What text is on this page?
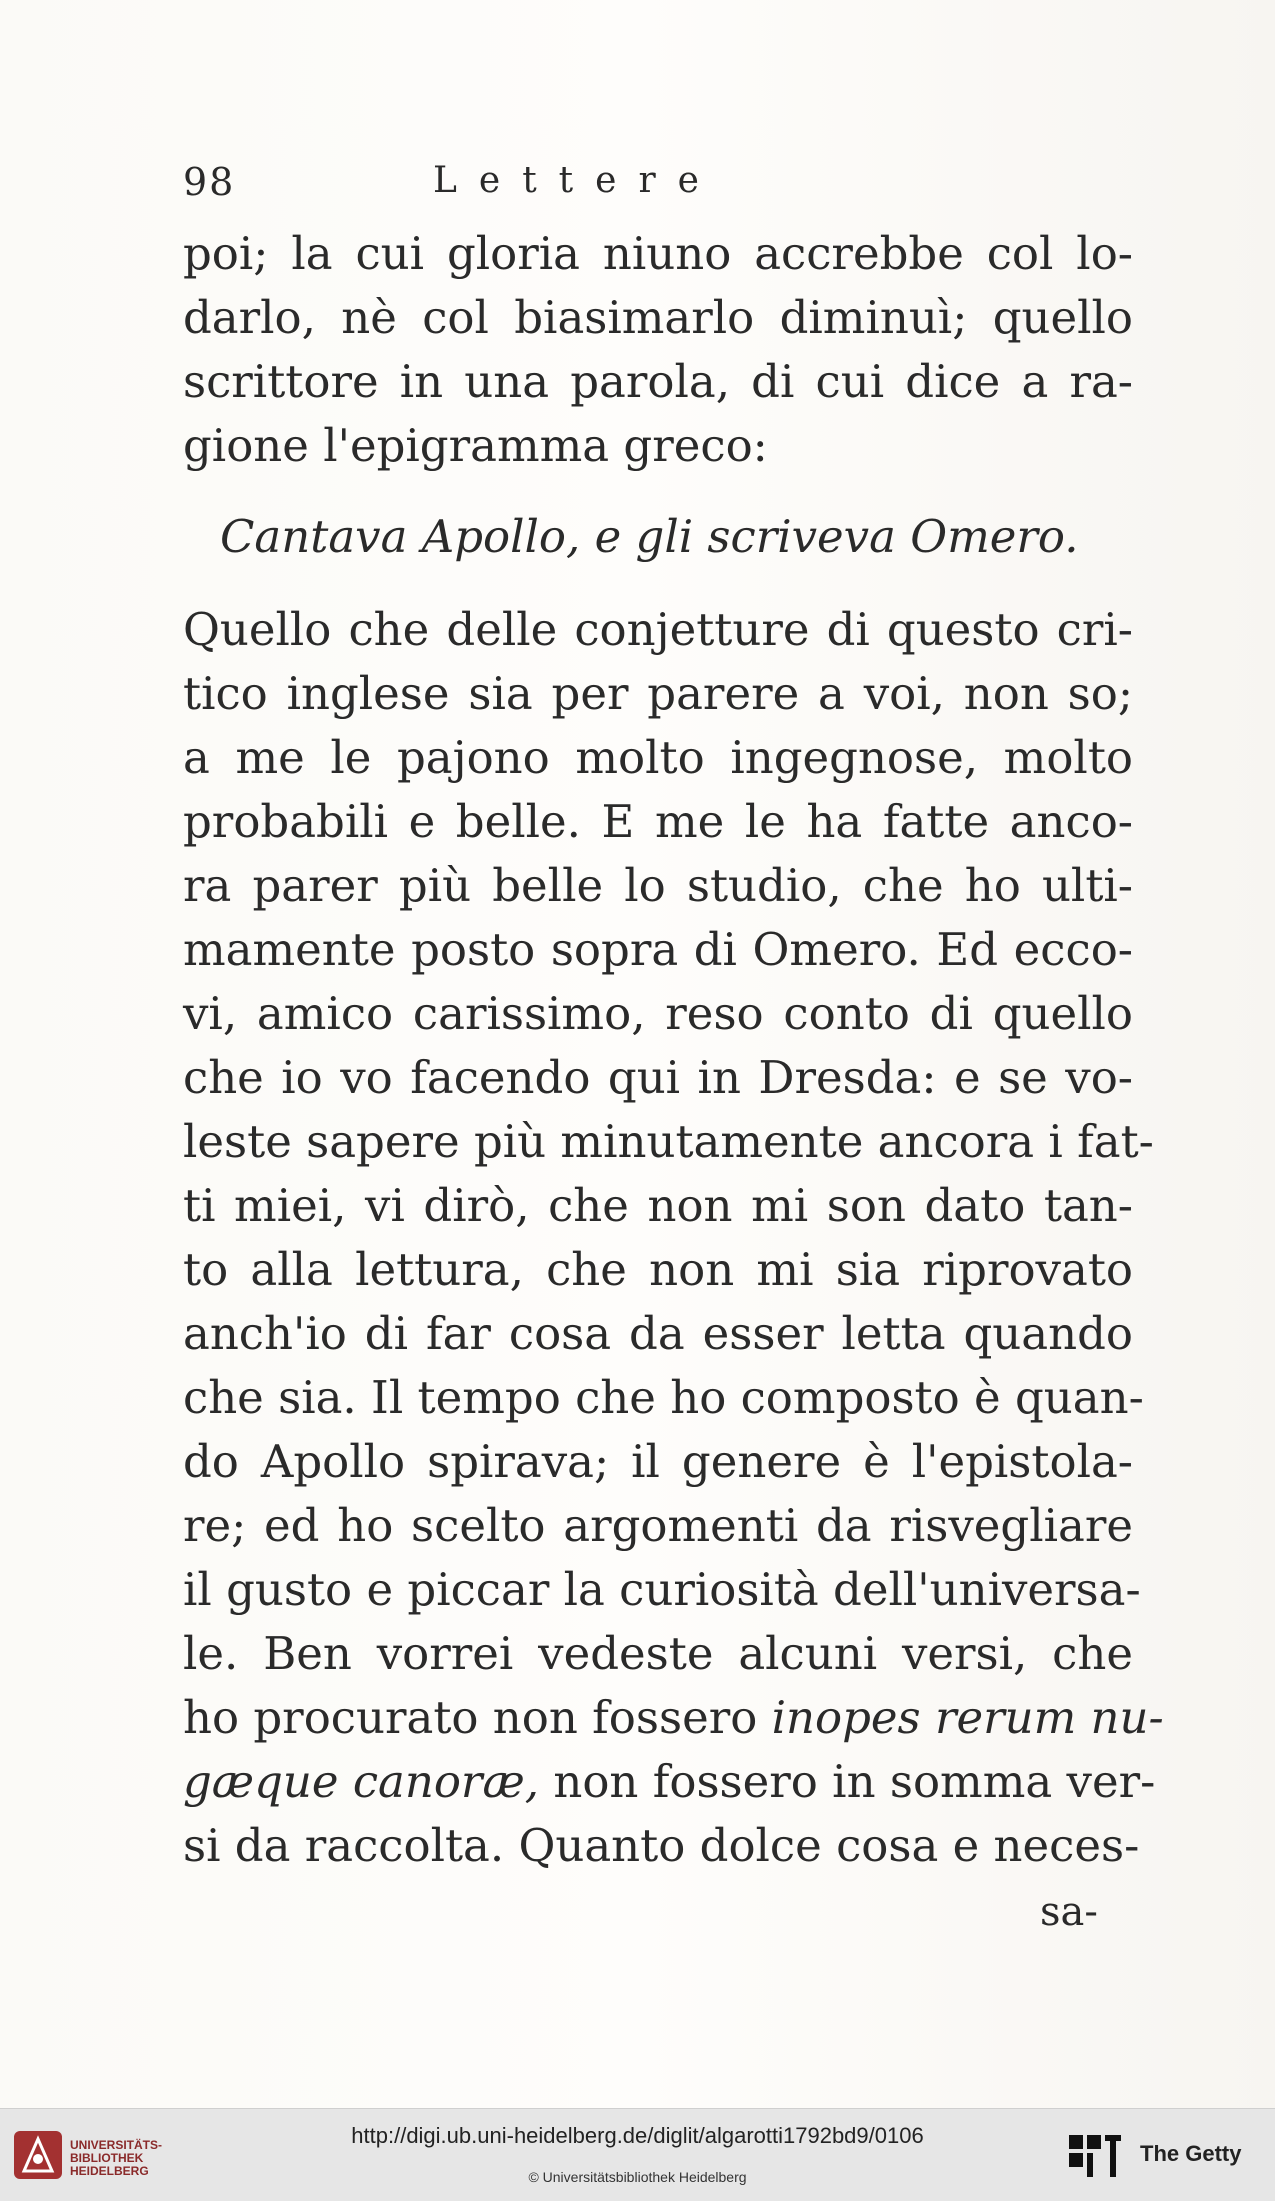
98	Lettere
poi; la cui gloria niuno accrebbe col lo-
darlo, nè col biasimarlo diminuì; quello
scrittore in una parola, di cui dice a ra-
gione l'epigramma greco:
Cantava Apollo, e gli scriveva Omero.
Quello che delle conjetture di questo cri-
tico inglese sia per parere a voi, non so;
a me le pajono molto ingegnose, molto
probabili e belle. E me le ha fatte anco-
ra parer più belle lo studio, che ho ulti-
mamente posto sopra di Omero. Ed ecco-
vi, amico carissimo, reso conto di quello
che io vo facendo qui in Dresda: e se vo-
leste sapere più minutamente ancora i fat-
ti miei, vi dirò, che non mi son dato tan-
to alla lettura, che non mi sia riprovato
anch'io di far cosa da esser letta quando
che sia. Il tempo che ho composto è quan-
do Apollo spirava; il genere è l'epistola-
re; ed ho scelto argomenti da risvegliare
il gusto e piccar la curiosità dell'universa-
le. Ben vorrei vedeste alcuni versi, che
ho procurato non fossero inopes rerum nu-
gæque canoræ, non fossero in somma ver-
si da raccolta. Quanto dolce cosa e neces-
sa-
UNIVERSITÄTS-
BIBLIOTHEK
HEIDELBERG
http://digi.ub.uni-heidelberg.de/diglit/algarotti1792bd9/0106
© Universitätsbibliothek Heidelberg
The Getty
